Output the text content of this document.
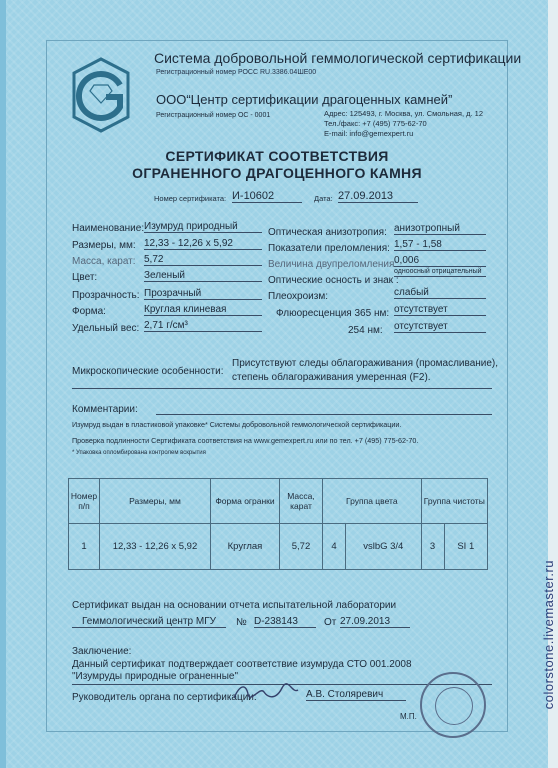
Система добровольной геммологической сертификации
Регистрационный номер РОСС RU.3386.04ШЕ00
ООО“Центр сертификации драгоценных камней”
Регистрационный номер ОС - 0001	Адрес: 125493, г. Москва, ул. Смольная, д. 12
Тел./факс: +7 (495) 775-62-70
E-mail: info@gemexpert.ru
СЕРТИФИКАТ СООТВЕТСТВИЯ
ОГРАНЕННОГО ДРАГОЦЕННОГО КАМНЯ
Номер сертификата: И-10602	Дата: 27.09.2013
Наименование: Изумруд природный
Размеры, мм: 12,33 - 12,26 х 5,92
Масса, карат: 5,72
Цвет:	Зеленый
Прозрачность: Прозрачный
Форма:	Круглая клиневая
Удельный вес: 2,71 г/см³
Оптическая анизотропия: анизотропный
Показатели преломления: 1,57 - 1,58
Величина двупреломления:
0,006
Оптические осность и знак :
одноосный отрицательный
Плеохроизм:	слабый
Флюоресценция 365 нм: отсутствует
254 нм: отсутствует
Микроскопические особенности:
Присутствуют следы облагораживания (промасливание),
степень облагораживания умеренная (F2).
Комментарии:
Изумруд выдан в пластиковой упаковке* Системы добровольной геммологической сертификации.
Проверка подлинности Сертификата соответствия на www.gemexpert.ru или по тел. +7 (495) 775-62-70.
* Упаковка опломбирована контролем вскрытия
Номер п/п	Размеры, мм	Форма огранки	Масса, карат	Группа цвета		Группа чистоты	
1	12,33 - 12,26 х 5,92	Круглая	5,72	4	vslbG 3/4	3	SI 1
Сертификат выдан на основании отчета испытательной лаборатории
Геммологический центр МГУ	№ D-238143	От 27.09.2013
Заключение:
Данный сертификат подтверждает соответствие изумруда СТО 001.2008
"Изумруды природные ограненные"
Руководитель органа по сертификации:	А.В. Столяревич
М.П.
colorstone.livemaster.ru
